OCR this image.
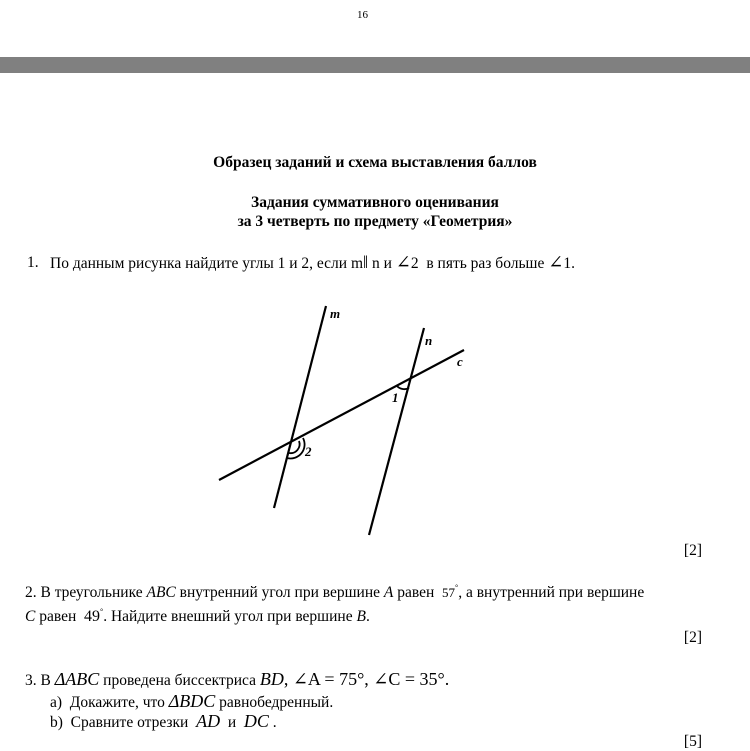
16
Образец заданий и схема выставления баллов
Задания суммативного оценивания
за 3 четверть по предмету «Геометрия»
1. По данным рисунка найдите углы 1 и 2, если m‖ n и ∠2 в пять раз больше ∠1.
m
n
c
1
2
[2]
2. В треугольнике ABC внутренний угол при вершине A равен 57°, а внутренний при вершине
C равен 49°. Найдите внешний угол при вершине B.
[2]
3. В ΔABC проведена биссектриса BD, ∠A = 75°, ∠C = 35°.
a) Докажите, что ΔBDC равнобедренный.
b) Сравните отрезки AD и DC .
[5]
